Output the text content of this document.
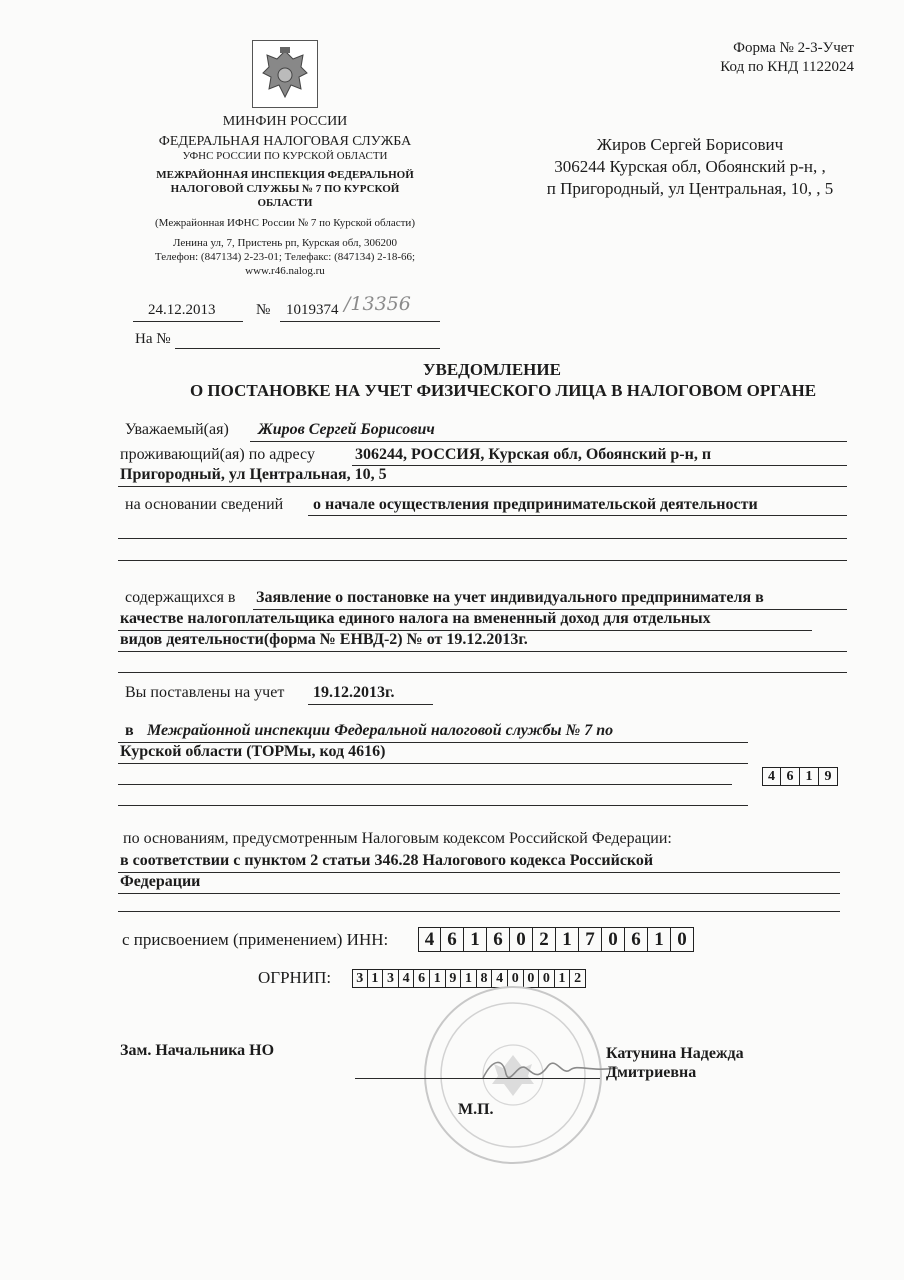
Форма № 2-3-Учет
Код по КНД 1122024
МИНФИН РОССИИ
ФЕДЕРАЛЬНАЯ НАЛОГОВАЯ СЛУЖБА
УФНС РОССИИ ПО КУРСКОЙ ОБЛАСТИ
МЕЖРАЙОННАЯ ИНСПЕКЦИЯ ФЕДЕРАЛЬНОЙ
НАЛОГОВОЙ СЛУЖБЫ № 7 ПО КУРСКОЙ
ОБЛАСТИ
(Межрайонная ИФНС России № 7 по Курской области)
Ленина ул, 7, Пристень рп, Курская обл, 306200
Телефон: (847134) 2-23-01; Телефакс: (847134) 2-18-66;
www.r46.nalog.ru
Жиров Сергей Борисович
306244 Курская обл, Обоянский р-н, ,
п Пригородный, ул Центральная, 10, , 5
24.12.2013	№ 1019374 /13356
На №
УВЕДОМЛЕНИЕ
О ПОСТАНОВКЕ НА УЧЕТ ФИЗИЧЕСКОГО ЛИЦА В НАЛОГОВОМ ОРГАНЕ
Уважаемый(ая) Жиров Сергей Борисович
проживающий(ая) по адресу	306244, РОССИЯ, Курская обл, Обоянский р-н, п
Пригородный, ул Центральная, 10, 5
на основании сведений о начале осуществления предпринимательской деятельности
содержащихся в Заявление о постановке на учет индивидуального предпринимателя в
качестве налогоплательщика единого налога на вмененный доход для отдельных
видов деятельности(форма № ЕНВД-2) № от 19.12.2013г.
Вы поставлены на учет 19.12.2013г.
в Межрайонной инспекции Федеральной налоговой службы № 7 по
Курской области (ТОРМы, код 4616)
4 6 1 9
по основаниям, предусмотренным Налоговым кодексом Российской Федерации:
в соответствии с пунктом 2 статьи 346.28 Налогового кодекса Российской
Федерации
с присвоением (применением) ИНН:	4 6 1 6 0 2 1 7 0 6 1 0
ОГРНИП:	3 1 3 4 6 1 9 1 8 4 0 0 0 1 2
Зам. Начальника НО	Катунина Надежда
Дмитриевна
М.П.
